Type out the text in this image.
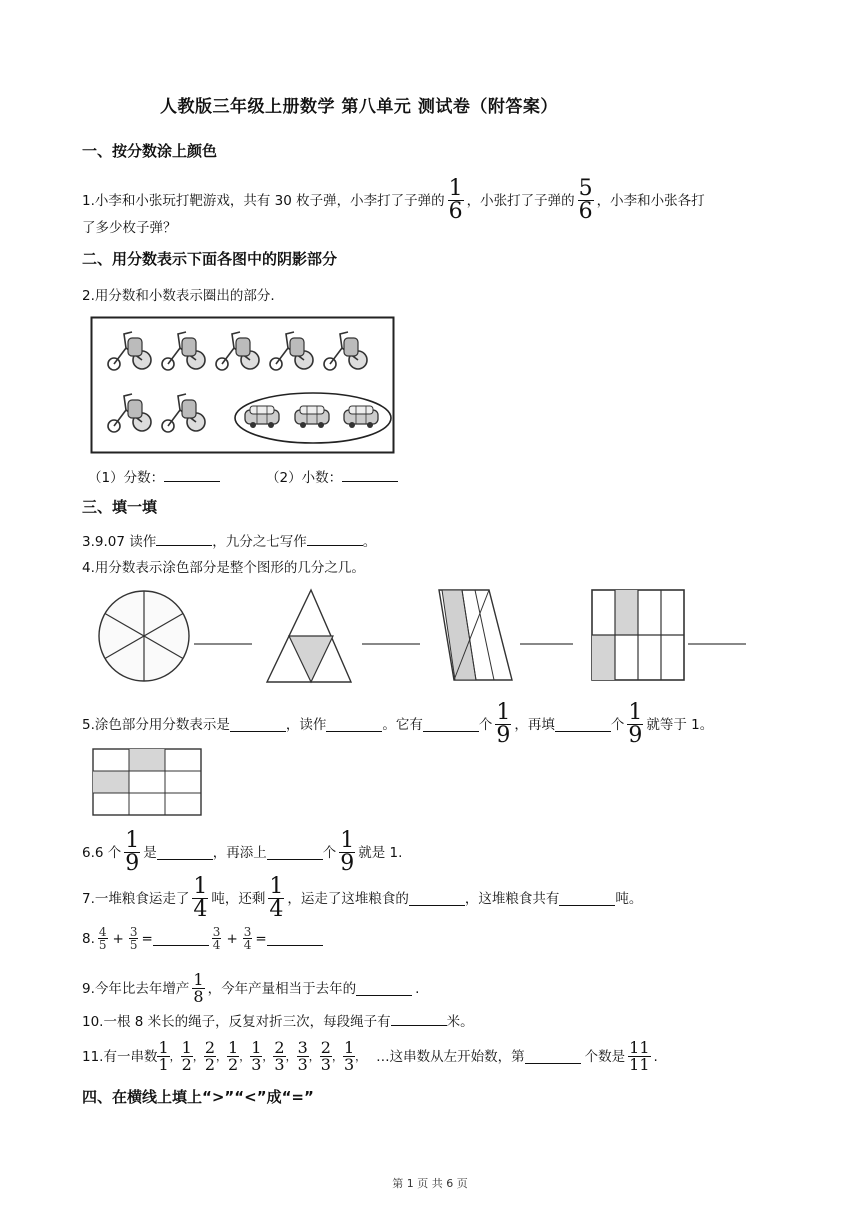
人教版三年级上册数学 第八单元 测试卷（附答案）
一、按分数涂上颜色
1.小李和小张玩打靶游戏，共有 30 枚子弹，小李打了子弹的 $\frac{1}{6}$ ，小张打了子弹的 $\frac{5}{6}$ ，小李和小张各打
了多少枚子弹？
二、用分数表示下面各图中的阴影部分
2.用分数和小数表示圈出的部分.
（1）分数：	（2）小数：
三、填一填
3.9.07 读作	，九分之七写作	。
4.用分数表示涂色部分是整个图形的几分之几。
5.涂色部分用分数表示是	，读作	。它有	个 $\frac{1}{9}$ ，再填	个 $\frac{1}{9}$ 就等于 1。
6.6 个 $\frac{1}{9}$ 是	，再添上	个 $\frac{1}{9}$ 就是 1.
7.一堆粮食运走了 $\frac{1}{4}$ 吨，还剩 $\frac{1}{4}$ ，运走了这堆粮食的	，这堆粮食共有	吨。
8. $\frac{4}{5} + \frac{3}{5}$ =	$\frac{3}{4} + \frac{3}{4}$ =
9.今年比去年增产 $\frac{1}{8}$ ，今年产量相当于去年的	.
10.一根 8 米长的绳子，反复对折三次，每段绳子有	米。
11.有一串数 $\frac{1}{1}$ ， $\frac{1}{2}$ ， $\frac{2}{2}$ ， $\frac{1}{2}$ ， $\frac{1}{3}$ ， $\frac{2}{3}$ ， $\frac{3}{3}$ ， $\frac{2}{3}$ ， $\frac{1}{3}$ ， …这串数从左开始数，第	个数是 $\frac{11}{11}$ .
四、在横线上填上“>”“<”成“=”
第 1 页 共 6 页
